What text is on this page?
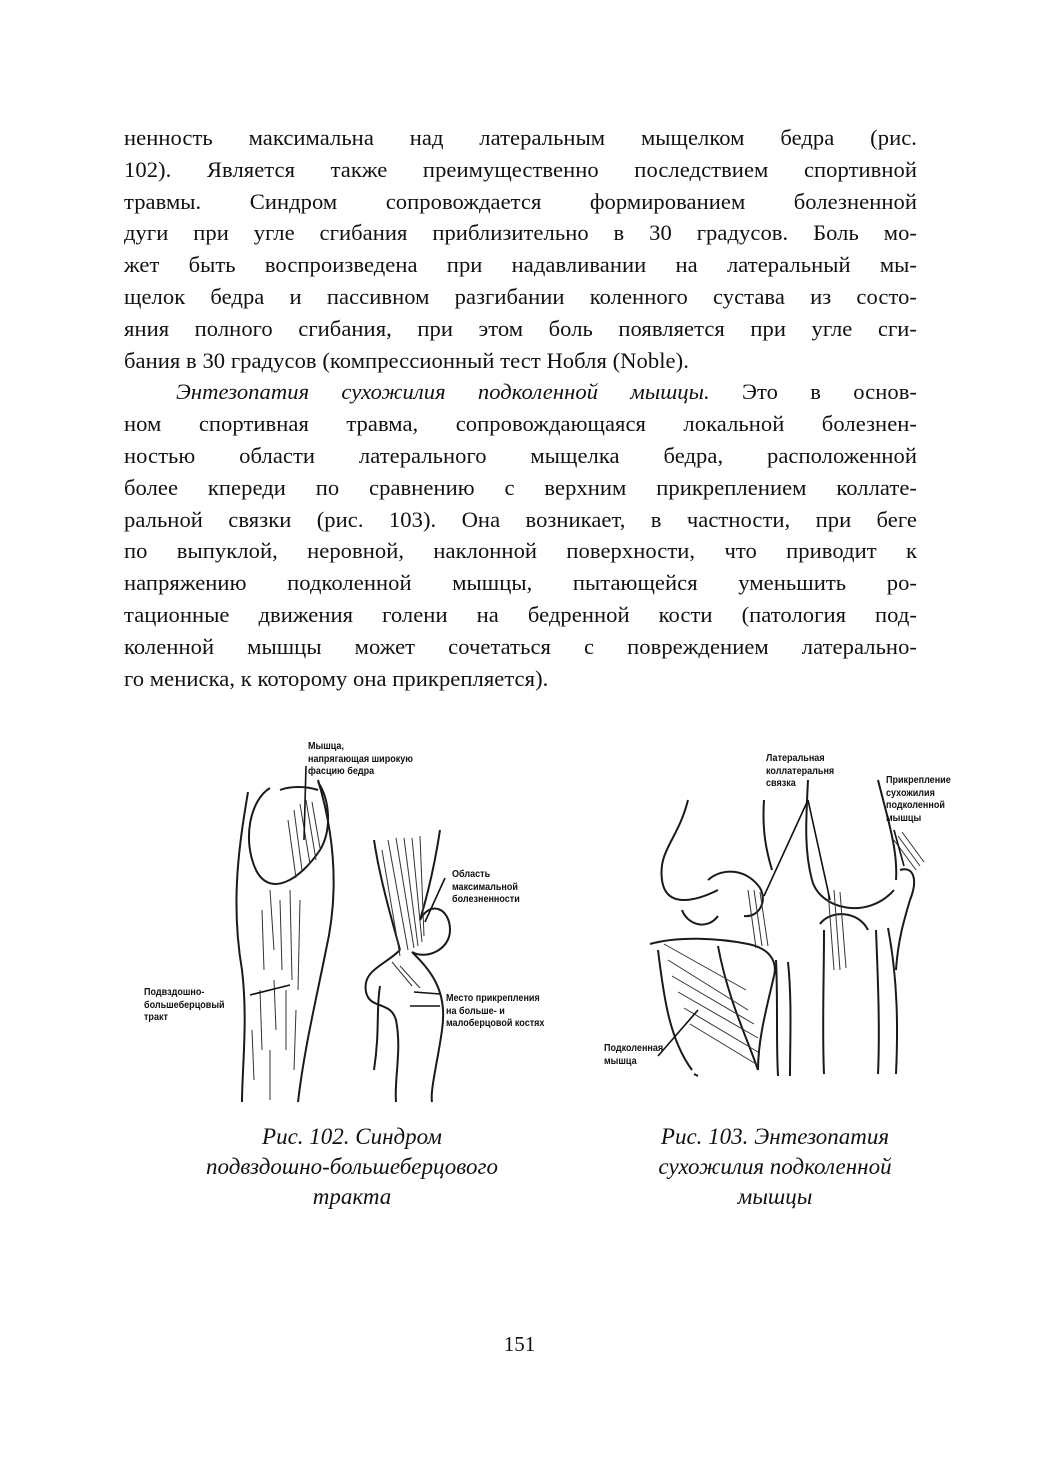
ненность максимальна над латеральным мыщелком бедра (рис.
102). Является также преимущественно последствием спортивной
травмы. Синдром сопровождается формированием болезненной
дуги при угле сгибания приблизительно в 30 градусов. Боль мо-
жет быть воспроизведена при надавливании на латеральный мы-
щелок бедра и пассивном разгибании коленного сустава из состо-
яния полного сгибания, при этом боль появляется при угле сги-
бания в 30 градусов (компрессионный тест Нобля (Noble).
Энтезопатия сухожилия подколенной мышцы. Это в основ-
ном спортивная травма, сопровождающаяся локальной болезнен-
ностью области латерального мыщелка бедра, расположенной
более кпереди по сравнению с верхним прикреплением коллате-
ральной связки (рис. 103). Она возникает, в частности, при беге
по выпуклой, неровной, наклонной поверхности, что приводит к
напряжению подколенной мышцы, пытающейся уменьшить ро-
тационные движения голени на бедренной кости (патология под-
коленной мышцы может сочетаться с повреждением латерально-
го мениска, к которому она прикрепляется).
Мышца,
напрягающая широкую
фасцию бедра
Область
максимальной
болезненности
Подвздошно-
большеберцовый
тракт
Место прикрепления
на больше- и
малоберцовой костях
Латеральная
коллатеральня
связка	Прикрепление
сухожилия
подколенной
мышцы
Подколенная
мышца
Рис. 102. Синдром
подвздошно-большеберцового
тракта
Рис. 103. Энтезопатия
сухожилия подколенной
мышцы
151
